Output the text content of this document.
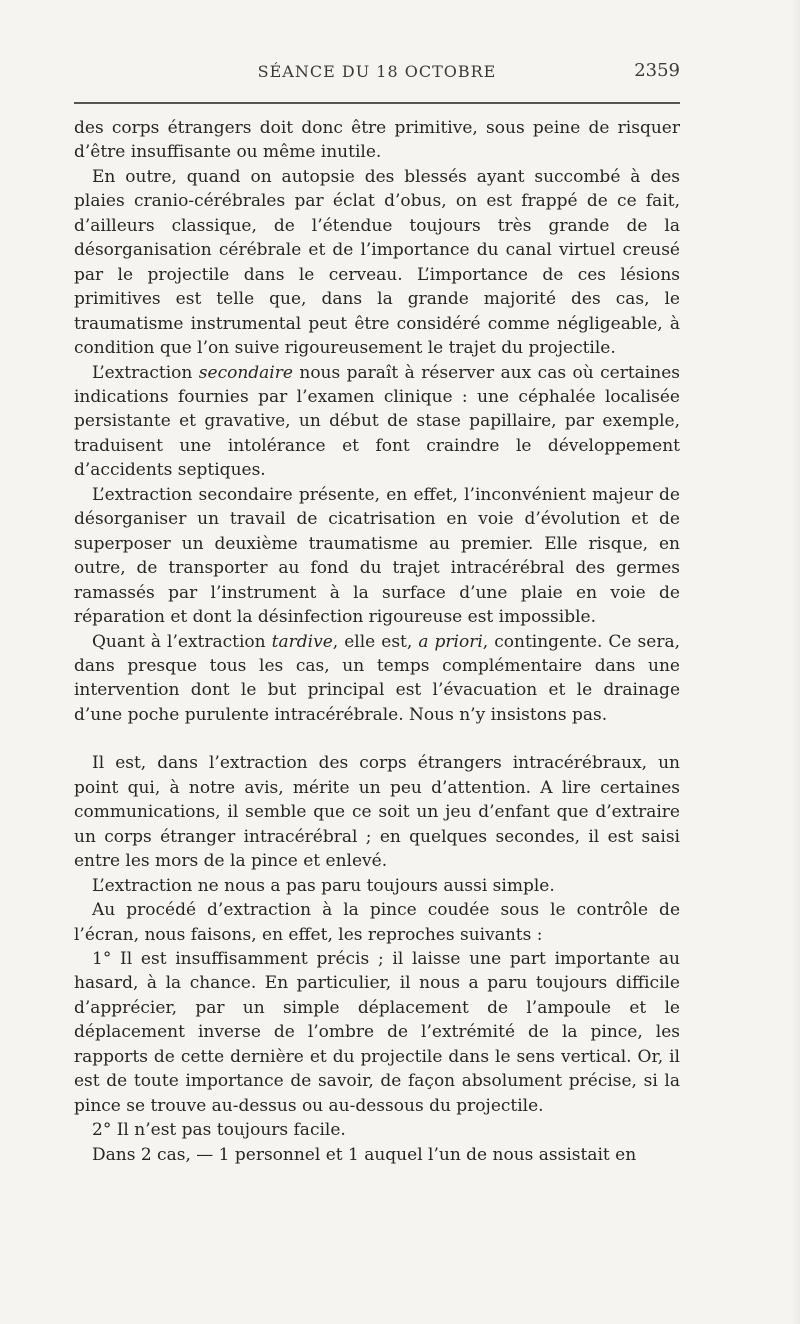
SÉANCE DU 18 OCTOBRE	2359

des corps étrangers doit donc être primitive, sous peine de risquer d’être insuffisante ou même inutile.

En outre, quand on autopsie des blessés ayant succombé à des plaies cranio-cérébrales par éclat d’obus, on est frappé de ce fait, d’ailleurs classique, de l’étendue toujours très grande de la désorganisation cérébrale et de l’importance du canal virtuel creusé par le projectile dans le cerveau. L’importance de ces lésions primitives est telle que, dans la grande majorité des cas, le traumatisme instrumental peut être considéré comme négligeable, à condition que l’on suive rigoureusement le trajet du projectile.

L’extraction secondaire nous paraît à réserver aux cas où certaines indications fournies par l’examen clinique : une céphalée localisée persistante et gravative, un début de stase papillaire, par exemple, traduisent une intolérance et font craindre le développement d’accidents septiques.

L’extraction secondaire présente, en effet, l’inconvénient majeur de désorganiser un travail de cicatrisation en voie d’évolution et de superposer un deuxième traumatisme au premier. Elle risque, en outre, de transporter au fond du trajet intracérébral des germes ramassés par l’instrument à la surface d’une plaie en voie de réparation et dont la désinfection rigoureuse est impossible.

Quant à l’extraction tardive, elle est, a priori, contingente. Ce sera, dans presque tous les cas, un temps complémentaire dans une intervention dont le but principal est l’évacuation et le drainage d’une poche purulente intracérébrale. Nous n’y insistons pas.

Il est, dans l’extraction des corps étrangers intracérébraux, un point qui, à notre avis, mérite un peu d’attention. A lire certaines communications, il semble que ce soit un jeu d’enfant que d’extraire un corps étranger intracérébral ; en quelques secondes, il est saisi entre les mors de la pince et enlevé.

L’extraction ne nous a pas paru toujours aussi simple.

Au procédé d’extraction à la pince coudée sous le contrôle de l’écran, nous faisons, en effet, les reproches suivants :

1° Il est insuffisamment précis ; il laisse une part importante au hasard, à la chance. En particulier, il nous a paru toujours difficile d’apprécier, par un simple déplacement de l’ampoule et le déplacement inverse de l’ombre de l’extrémité de la pince, les rapports de cette dernière et du projectile dans le sens vertical. Or, il est de toute importance de savoir, de façon absolument précise, si la pince se trouve au-dessus ou au-dessous du projectile.

2° Il n’est pas toujours facile.

Dans 2 cas, — 1 personnel et 1 auquel l’un de nous assistait en
